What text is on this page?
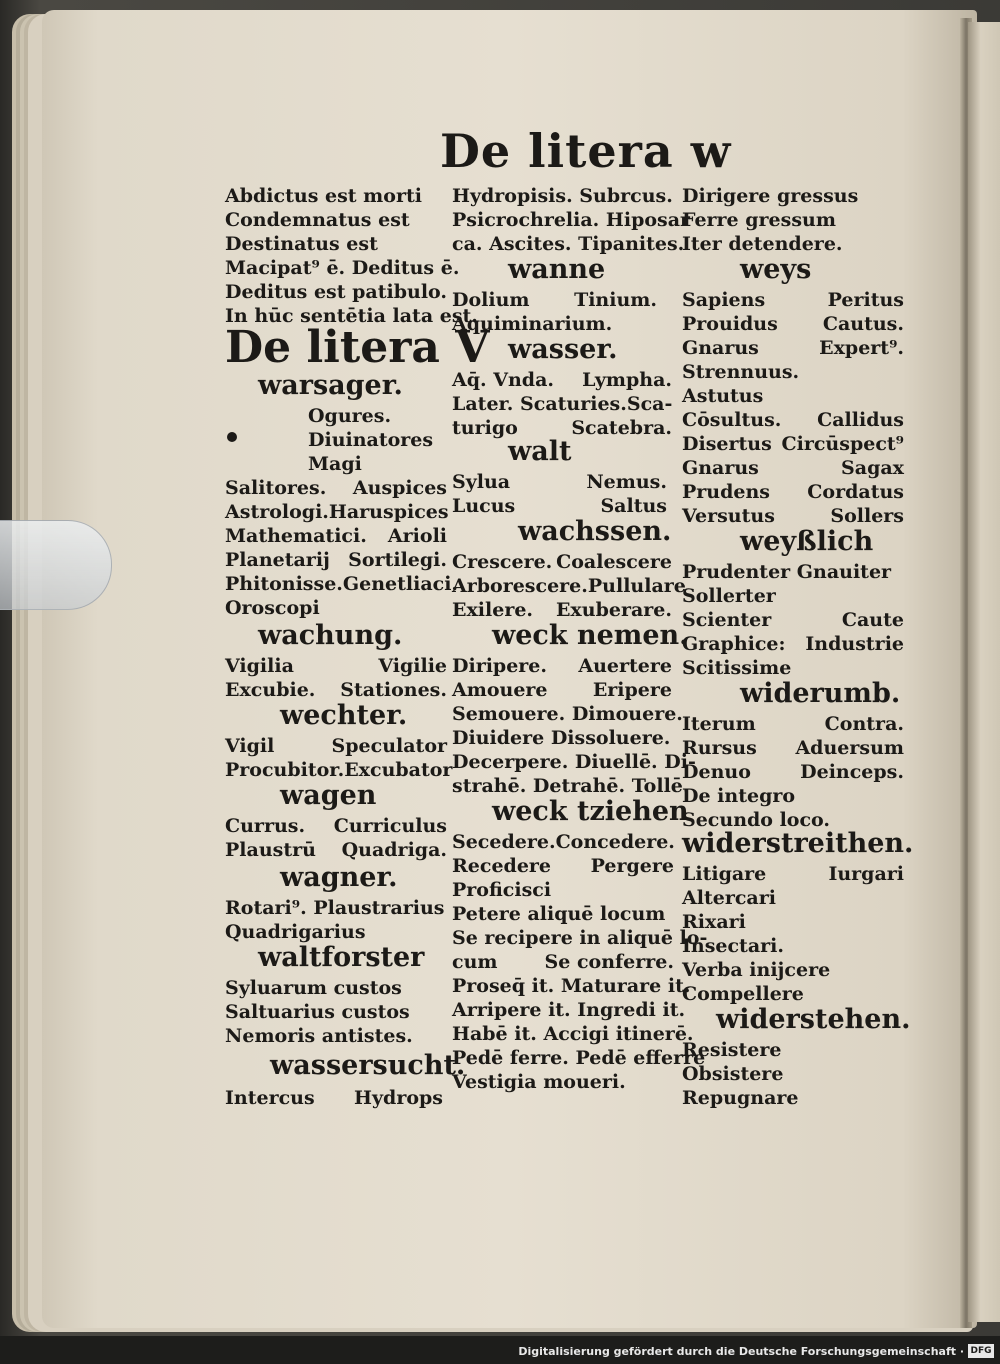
De litera w
Abdictus est morti
Condemnatus est
Destinatus est
Macipat⁹ ē. Deditus ē.
Deditus est patibulo.
In hūc sentētia lata est.
De litera V
warsager.
Ogures.
Diuinatores
Magi
Salitores. Auspices
Astrologi. Haruspices
Mathematici. Arioli
Planetarij Sortilegi.
Phitonisse. Genetliaci.
Oroscopi
wachung.
Vigilia	Vigilie
Excubie. Stationes.
wechter.
Vigil	Speculator
Procubitor. Excubator
wagen
Currus. Curriculus
Plaustrū Quadriga.
wagner.
Rotari⁹. Plaustrarius
Quadrigarius
waltforster
Syluarum custos
Saltuarius custos
Nemoris antistes.
wassersucht.
Intercus Hydrops
Hydropisis. Subrcus.
Psicrochrelia. Hiposar
ca. Ascites. Tipanites.
wanne
Dolium Tinium.
Aquiminarium.
wasser.
Aq̄. Vnda. Lympha.
Later. Scaturies. Sca-
turigo	Scatebra.
walt
Sylua	Nemus.
Lucus	Saltus
wachssen.
Crescere. Coalescere
Arborescere. Pullulare
Exilere. Exuberare.
weck nemen.
Diripere. Auertere
Amouere Eripere
Semouere. Dimouere.
Diuidere Dissoluere.
Decerpere. Diuellē. Di-
strahē. Detrahē. Tollē.
weck tziehen
Secedere. Concedere.
Recedere Pergere
Proficisci
Petere aliquē locum
Se recipere in aliquē lo-
cum Se conferre.
Proseq̄ it. Maturare it.
Arripere it. Ingredi it.
Habē it. Accigi itinerē.
Pedē ferre. Pedē efferre
Vestigia moueri.
Dirigere gressus
Ferre gressum
Iter detendere.
weys
Sapiens	Peritus
Prouidus Cautus.
Gnarus	Expert⁹.
Strennuus.
Astutus
Cōsultus. Callidus
Disertus Circūspect⁹
Gnarus	Sagax
Prudens Cordatus
Versutus	Sollers
weyßlich
Prudenter Gnauiter
Sollerter
Scienter	Caute
Graphice: Industrie
Scitissime
widerumb.
Iterum	Contra.
Rursus Aduersum
Denuo	Deinceps.
De integro
Secundo loco.
widerstreithen.
Litigare	Iurgari
Altercari
Rixari
Insectari.
Verba inijcere
Compellere
widerstehen.
Resistere
Obsistere
Repugnare
Digitalisierung gefördert durch die Deutsche Forschungsgemeinschaft · DFG
